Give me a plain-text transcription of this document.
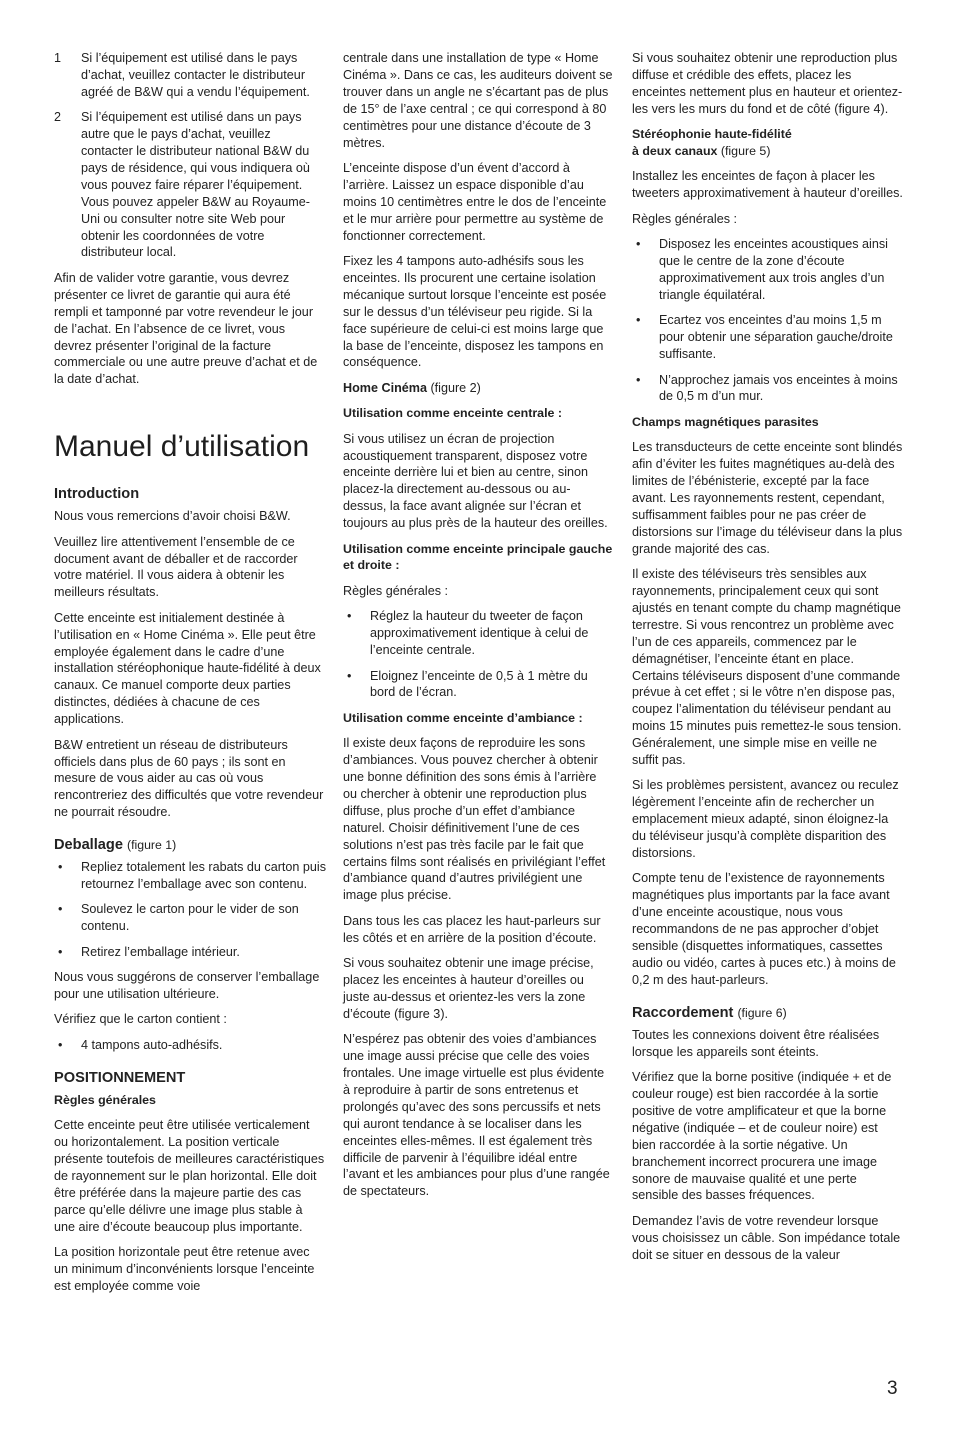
1	Si l’équipement est utilisé dans le pays d’achat, veuillez contacter le distributeur agréé de B&W qui a vendu l’équipement.
2	Si l’équipement est utilisé dans un pays autre que le pays d’achat, veuillez contacter le distributeur national B&W du pays de résidence, qui vous indiquera où vous pouvez faire réparer l’équipement. Vous pouvez appeler B&W au Royaume-Uni ou consulter notre site Web pour obtenir les coordonnées de votre distributeur local.

Afin de valider votre garantie, vous devrez présenter ce livret de garantie qui aura été rempli et tamponné par votre revendeur le jour de l’achat. En l’absence de ce livret, vous devrez présenter l’original de la facture commerciale ou une autre preuve d’achat et de la date d’achat.

Manuel d’utilisation
Introduction

Nous vous remercions d’avoir choisi B&W.

Veuillez lire attentivement l’ensemble de ce document avant de déballer et de raccorder votre matériel. Il vous aidera à obtenir les meilleurs résultats.

Cette enceinte est initialement destinée à l’utilisation en « Home Cinéma ». Elle peut être employée également dans le cadre d’une installation stéréophonique haute-fidélité à deux canaux. Ce manuel comporte deux parties distinctes, dédiées à chacune de ces applications.

B&W entretient un réseau de distributeurs officiels dans plus de 60 pays ; ils sont en mesure de vous aider au cas où vous rencontreriez des difficultés que votre revendeur ne pourrait résoudre.

Deballage (figure 1)
•	Repliez totalement les rabats du carton puis retournez l’emballage avec son contenu.
•	Soulevez le carton pour le vider de son contenu.
•	Retirez l’emballage intérieur.

Nous vous suggérons de conserver l’emballage pour une utilisation ultérieure.

Vérifiez que le carton contient :

•	4 tampons auto-adhésifs.
POSITIONNEMENT
Règles générales

Cette enceinte peut être utilisée verticalement ou horizontalement. La position verticale présente toutefois de meilleures caractéristiques de rayonnement sur le plan horizontal. Elle doit être préférée dans la majeure partie des cas parce qu’elle délivre une image plus stable à une aire d’écoute beaucoup plus importante.

La position horizontale peut être retenue avec un minimum d’inconvénients lorsque l’enceinte est employée comme voie

centrale dans une installation de type « Home Cinéma ». Dans ce cas, les auditeurs doivent se trouver dans un angle ne s’écartant pas de plus de 15° de l’axe central ; ce qui correspond à 80 centimètres pour une distance d’écoute de 3 mètres.

L’enceinte dispose d’un évent d’accord à l’arrière. Laissez un espace disponible d’au moins 10 centimètres entre le dos de l’enceinte et le mur arrière pour permettre au système de fonctionner correctement.

Fixez les 4 tampons auto-adhésifs sous les enceintes. Ils procurent une certaine isolation mécanique surtout lorsque l’enceinte est posée sur le dessus d’un téléviseur peu rigide. Si la face supérieure de celui-ci est moins large que la base de l’enceinte, disposez les tampons en conséquence.

Home Cinéma (figure 2)

Utilisation comme enceinte centrale :

Si vous utilisez un écran de projection acoustiquement transparent, disposez votre enceinte derrière lui et bien au centre, sinon placez-la directement au-dessous ou au-dessus, la face avant alignée sur l’écran et toujours au plus près de la hauteur des oreilles.

Utilisation comme enceinte principale gauche et droite :

Règles générales :

•	Réglez la hauteur du tweeter de façon approximativement identique à celui de l’enceinte centrale.
•	Eloignez l’enceinte de 0,5 à 1 mètre du bord de l’écran.
Utilisation comme enceinte d’ambiance :

Il existe deux façons de reproduire les sons d’ambiances. Vous pouvez chercher à obtenir une bonne définition des sons émis à l’arrière ou chercher à obtenir une reproduction plus diffuse, plus proche d’un effet d’ambiance naturel. Choisir définitivement l’une de ces solutions n’est pas très facile par le fait que certains films sont réalisés en privilégiant l’effet d’ambiance quand d’autres privilégient une image plus précise.

Dans tous les cas placez les haut-parleurs sur les côtés et en arrière de la position d’écoute.

Si vous souhaitez obtenir une image précise, placez les enceintes à hauteur d’oreilles ou juste au-dessus et orientez-les vers la zone d’écoute (figure 3).

N’espérez pas obtenir des voies d’ambiances une image aussi précise que celle des voies frontales. Une image virtuelle est plus évidente à reproduire à partir de sons entretenus et prolongés qu’avec des sons percussifs et nets qui auront tendance à se localiser dans les enceintes elles-mêmes. Il est également très difficile de parvenir à l’équilibre idéal entre l’avant et les ambiances pour plus d’une rangée de spectateurs.

Si vous souhaitez obtenir une reproduction plus diffuse et crédible des effets, placez les enceintes nettement plus en hauteur et orientez-les vers les murs du fond et de côté (figure 4).

Stéréophonie haute-fidélité
à deux canaux (figure 5)

Installez les enceintes de façon à placer les tweeters approximativement à hauteur d’oreilles.

Règles générales :

•	Disposez les enceintes acoustiques ainsi que le centre de la zone d’écoute approximativement aux trois angles d’un triangle équilatéral.
•	Ecartez vos enceintes d’au moins 1,5 m pour obtenir une séparation gauche/droite suffisante.
•	N’approchez jamais vos enceintes à moins de 0,5 m d’un mur.
Champs magnétiques parasites

Les transducteurs de cette enceinte sont blindés afin d’éviter les fuites magnétiques au-delà des limites de l’ébénisterie, excepté par la face avant. Les rayonnements restent, cependant, suffisamment faibles pour ne pas créer de distorsions sur l’image du téléviseur dans la plus grande majorité des cas.

Il existe des téléviseurs très sensibles aux rayonnements, principalement ceux qui sont ajustés en tenant compte du champ magnétique terrestre. Si vous rencontrez un problème avec l’un de ces appareils, commencez par le démagnétiser, l’enceinte étant en place. Certains téléviseurs disposent d’une commande prévue à cet effet ; si le vôtre n’en dispose pas, coupez l’alimentation du téléviseur pendant au moins 15 minutes puis remettez-le sous tension. Généralement, une simple mise en veille ne suffit pas.

Si les problèmes persistent, avancez ou reculez légèrement l’enceinte afin de rechercher un emplacement mieux adapté, sinon éloignez-la du téléviseur jusqu’à complète disparition des distorsions.

Compte tenu de l’existence de rayonnements magnétiques plus importants par la face avant d’une enceinte acoustique, nous vous recommandons de ne pas approcher d’objet sensible (disquettes informatiques, cassettes audio ou vidéo, cartes à puces etc.) à moins de 0,2 m des haut-parleurs.

Raccordement (figure 6)

Toutes les connexions doivent être réalisées lorsque les appareils sont éteints.

Vérifiez que la borne positive (indiquée + et de couleur rouge) est bien raccordée à la sortie positive de votre amplificateur et que la borne négative (indiquée – et de couleur noire) est bien raccordée à la sortie négative. Un branchement incorrect procurera une image sonore de mauvaise qualité et une perte sensible des basses fréquences.

Demandez l’avis de votre revendeur lorsque vous choisissez un câble. Son impédance totale doit se situer en dessous de la valeur

3
